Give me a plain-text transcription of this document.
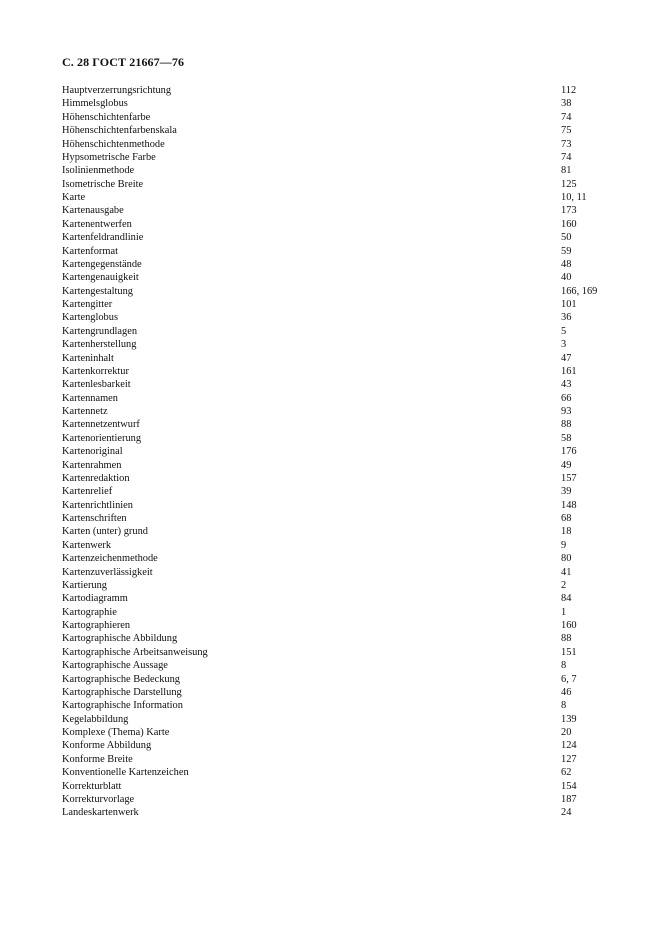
С. 28 ГОСТ 21667—76
Hauptverzerrungsrichtung	112
Himmelsglobus	38
Höhenschichtenfarbe	74
Höhenschichtenfarbenskala	75
Höhenschichtenmethode	73
Hypsometrische Farbe	74
Isolinienmethode	81
Isometrische Breite	125
Karte	10, 11
Kartenausgabe	173
Kartenentwerfen	160
Kartenfeldrandlinie	50
Kartenformat	59
Kartengegenstände	48
Kartengenauigkeit	40
Kartengestaltung	166, 169
Kartengitter	101
Kartenglobus	36
Kartengrundlagen	5
Kartenherstellung	3
Karteninhalt	47
Kartenkorrektur	161
Kartenlesbarkeit	43
Kartennamen	66
Kartennetz	93
Kartennetzentwurf	88
Kartenorientierung	58
Kartenoriginal	176
Kartenrahmen	49
Kartenredaktion	157
Kartenrelief	39
Kartenrichtlinien	148
Kartenschriften	68
Karten (unter) grund	18
Kartenwerk	9
Kartenzeichenmethode	80
Kartenzuverlässigkeit	41
Kartierung	2
Kartodiagramm	84
Kartographie	1
Kartographieren	160
Kartographische Abbildung	88
Kartographische Arbeitsanweisung	151
Kartographische Aussage	8
Kartographische Bedeckung	6, 7
Kartographische Darstellung	46
Kartographische Information	8
Kegelabbildung	139
Komplexe (Thema) Karte	20
Konforme Abbildung	124
Konforme Breite	127
Konventionelle Kartenzeichen	62
Korrekturblatt	154
Korrekturvorlage	187
Landeskartenwerk	24
